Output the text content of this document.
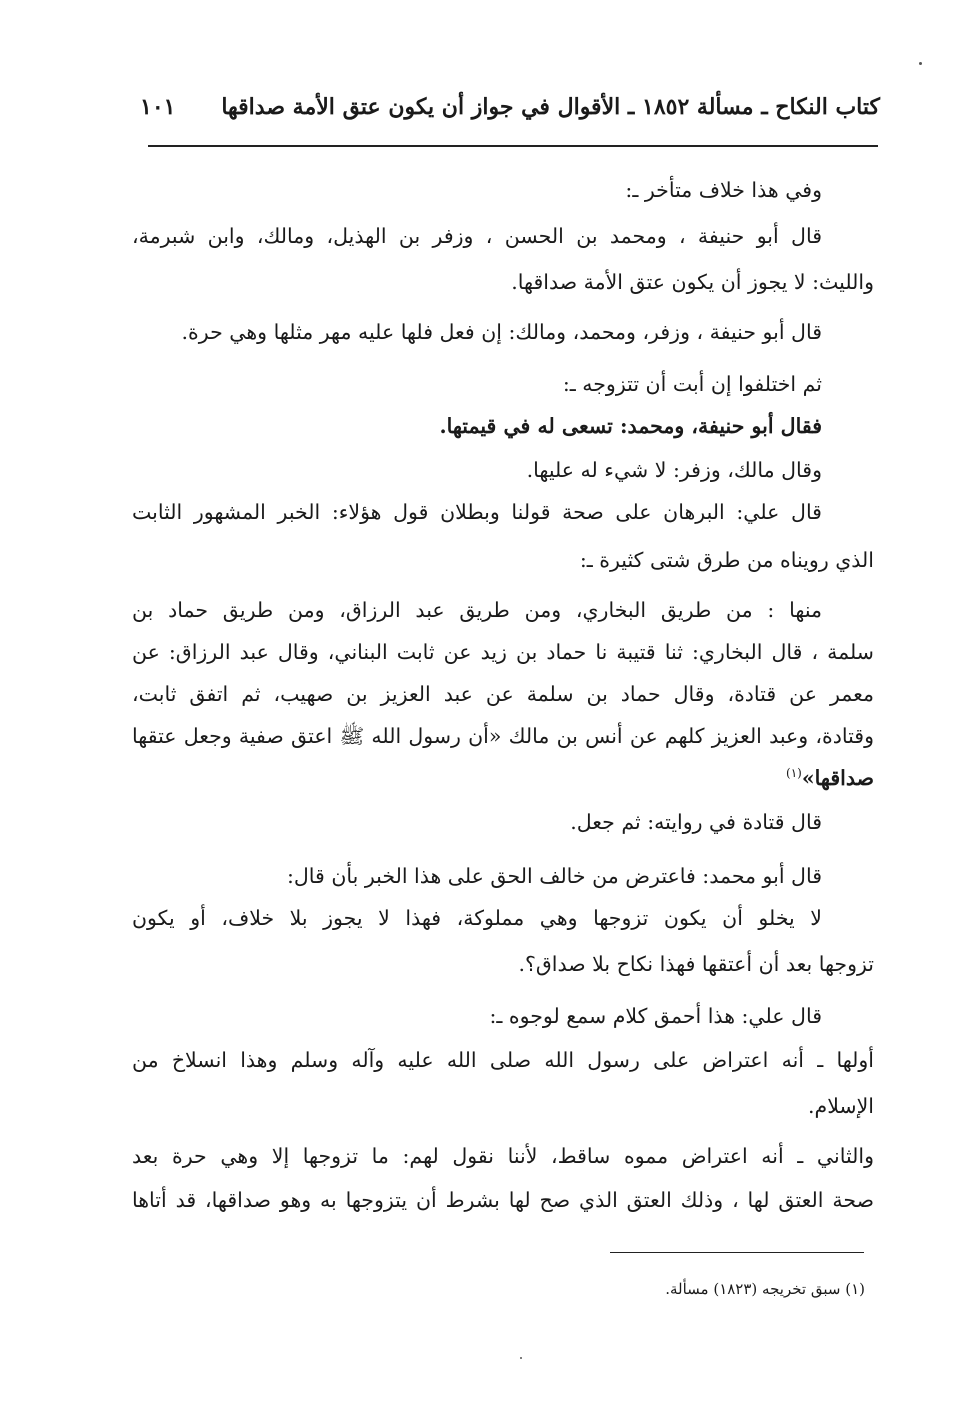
كتاب النكاح ـ مسألة ١٨٥٢ ـ الأقوال في جواز أن يكون عتق الأمة صداقها
١٠١
وفي هذا خلاف متأخر ـ:
قال أبو حنيفة ، ومحمد بن الحسن ، وزفر بن الهذيل، ومالك، وابن شبرمة،
والليث: لا يجوز أن يكون عتق الأمة صداقها.
قال أبو حنيفة ، وزفر، ومحمد، ومالك: إن فعل فلها عليه مهر مثلها وهي حرة.
ثم اختلفوا إن أبت أن تتزوجه ـ:
فقال أبو حنيفة، ومحمد: تسعى له في قيمتها.
وقال مالك، وزفر: لا شيء له عليها.
قال علي: البرهان على صحة قولنا وبطلان قول هؤلاء: الخبر المشهور الثابت
الذي رويناه من طرق شتى كثيرة ـ:
منها : من طريق البخاري، ومن طريق عبد الرزاق، ومن طريق حماد بن
سلمة ، قال البخاري: ثنا قتيبة نا حماد بن زيد عن ثابت البناني، وقال عبد الرزاق: عن
معمر عن قتادة، وقال حماد بن سلمة عن عبد العزيز بن صهيب، ثم اتفق ثابت،
وقتادة، وعبد العزيز كلهم عن أنس بن مالك «أن رسول الله ﷺ اعتق صفية وجعل عتقها
صداقها»$^{(١)}$
قال قتادة في روايته: ثم جعل.
قال أبو محمد: فاعترض من خالف الحق على هذا الخبر بأن قال:
لا يخلو أن يكون تزوجها وهي مملوكة، فهذا لا يجوز بلا خلاف، أو يكون
تزوجها بعد أن أعتقها فهذا نكاح بلا صداق؟.
قال علي: هذا أحمق كلام سمع لوجوه ـ:
أولها ـ أنه اعتراض على رسول الله صلى الله عليه وآله وسلم وهذا انسلاخ من
الإسلام.
والثاني ـ أنه اعتراض مموه ساقط، لأننا نقول لهم: ما تزوجها إلا وهي حرة بعد
صحة العتق لها ، وذلك العتق الذي صح لها بشرط أن يتزوجها به وهو صداقها، قد أتاها
(١) سبق تخريجه (١٨٢٣) مسألة.
